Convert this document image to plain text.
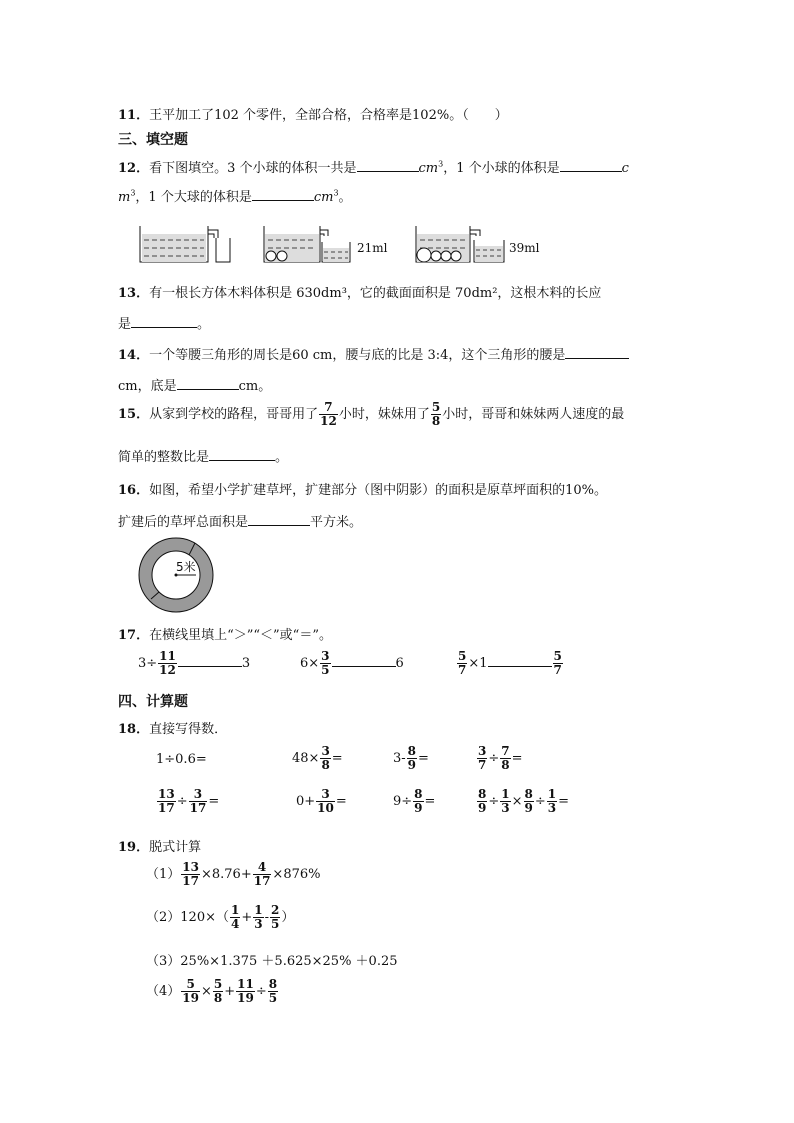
11．王平加工了102 个零件，全部合格，合格率是102%。（　　）
三、填空题
12．看下图填空。3 个小球的体积一共是	$cm^3$，1 个小球的体积是	c
$m^3$，1 个大球的体积是	$cm^3$。
21ml	39ml
13．有一根长方体木料体积是 630dm³，它的截面面积是 70dm²，这根木料的长应
是	。
14．一个等腰三角形的周长是60 cm，腰与底的比是 3:4，这个三角形的腰是
cm，底是	cm。
15．从家到学校的路程，哥哥用了 $\frac{7}{12}$ 小时，妹妹用了 $\frac{5}{8}$ 小时，哥哥和妹妹两人速度的最
简单的整数比是	。
16．如图，希望小学扩建草坪，扩建部分（图中阴影）的面积是原草坪面积的10%。
扩建后的草坪总面积是	平方米。
5米
17．在横线里填上“＞”“＜”或“＝”。
$3\div \frac{11}{12}$	3	$6\times \frac{3}{5}$	6	$\frac{5}{7} \times 1$	$\frac{5}{7}$
四、计算题
18．直接写得数．
1÷0.6=	$48\times \frac{3}{8}$ =	$3- \frac{8}{9}$ =	$\frac{3}{7} \div \frac{7}{8}$ =
$\frac{13}{17} \div \frac{3}{17}$ =	$0+ \frac{3}{10}$ =	$9\div \frac{8}{9}$ =	$\frac{8}{9} \div \frac{1}{3} \times \frac{8}{9} \div \frac{1}{3}$ =
19．脱式计算
$(1) \frac{13}{17} \times 8.76+ \frac{4}{17} \times 876\%$
$(2)120\times( \frac{1}{4} + \frac{1}{3} - \frac{2}{5}$ ）
（3）25%×1.375 ＋5.625×25% ＋0.25
$(4) \frac{5}{19} \times \frac{5}{8} + \frac{11}{19} \div \frac{8}{5}$
